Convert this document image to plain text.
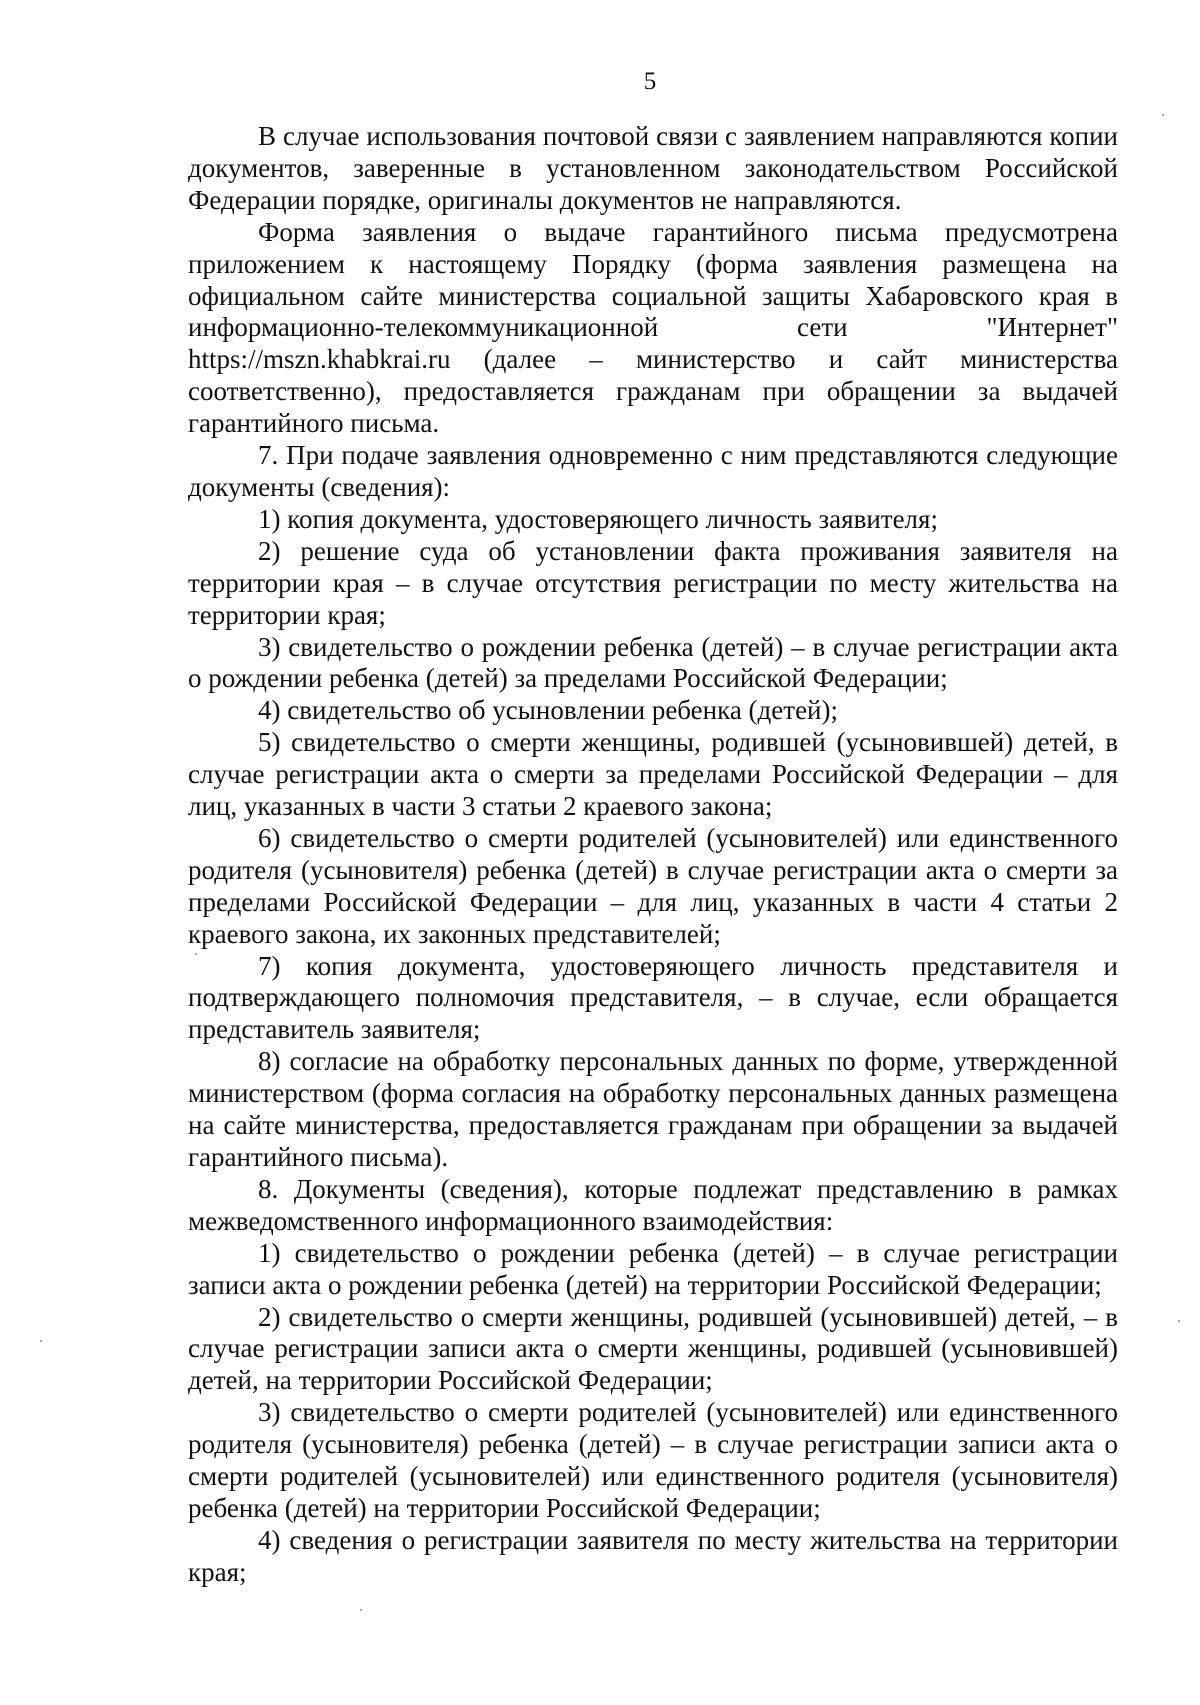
5

В случае использования почтовой связи с заявлением направляются копии документов, заверенные в установленном законодательством Российской Федерации порядке, оригиналы документов не направляются.

Форма заявления о выдаче гарантийного письма предусмотрена приложением к настоящему Порядку (форма заявления размещена на официальном сайте министерства социальной защиты Хабаровского края в информационно-телекоммуникационной сети "Интернет" https://mszn.khabkrai.ru (далее – министерство и сайт министерства соответственно), предоставляется гражданам при обращении за выдачей гарантийного письма.

7. При подаче заявления одновременно с ним представляются следующие документы (сведения):

1) копия документа, удостоверяющего личность заявителя;

2) решение суда об установлении факта проживания заявителя на территории края – в случае отсутствия регистрации по месту жительства на территории края;

3) свидетельство о рождении ребенка (детей) – в случае регистрации акта о рождении ребенка (детей) за пределами Российской Федерации;

4) свидетельство об усыновлении ребенка (детей);

5) свидетельство о смерти женщины, родившей (усыновившей) детей, в случае регистрации акта о смерти за пределами Российской Федерации – для лиц, указанных в части 3 статьи 2 краевого закона;

6) свидетельство о смерти родителей (усыновителей) или единственного родителя (усыновителя) ребенка (детей) в случае регистрации акта о смерти за пределами Российской Федерации – для лиц, указанных в части 4 статьи 2 краевого закона, их законных представителей;

7) копия документа, удостоверяющего личность представителя и подтверждающего полномочия представителя, – в случае, если обращается представитель заявителя;

8) согласие на обработку персональных данных по форме, утвержденной министерством (форма согласия на обработку персональных данных размещена на сайте министерства, предоставляется гражданам при обращении за выдачей гарантийного письма).

8. Документы (сведения), которые подлежат представлению в рамках межведомственного информационного взаимодействия:

1) свидетельство о рождении ребенка (детей) – в случае регистрации записи акта о рождении ребенка (детей) на территории Российской Федерации;

2) свидетельство о смерти женщины, родившей (усыновившей) детей, – в случае регистрации записи акта о смерти женщины, родившей (усыновившей) детей, на территории Российской Федерации;

3) свидетельство о смерти родителей (усыновителей) или единственного родителя (усыновителя) ребенка (детей) – в случае регистрации записи акта о смерти родителей (усыновителей) или единственного родителя (усыновителя) ребенка (детей) на территории Российской Федерации;

4) сведения о регистрации заявителя по месту жительства на территории края;
